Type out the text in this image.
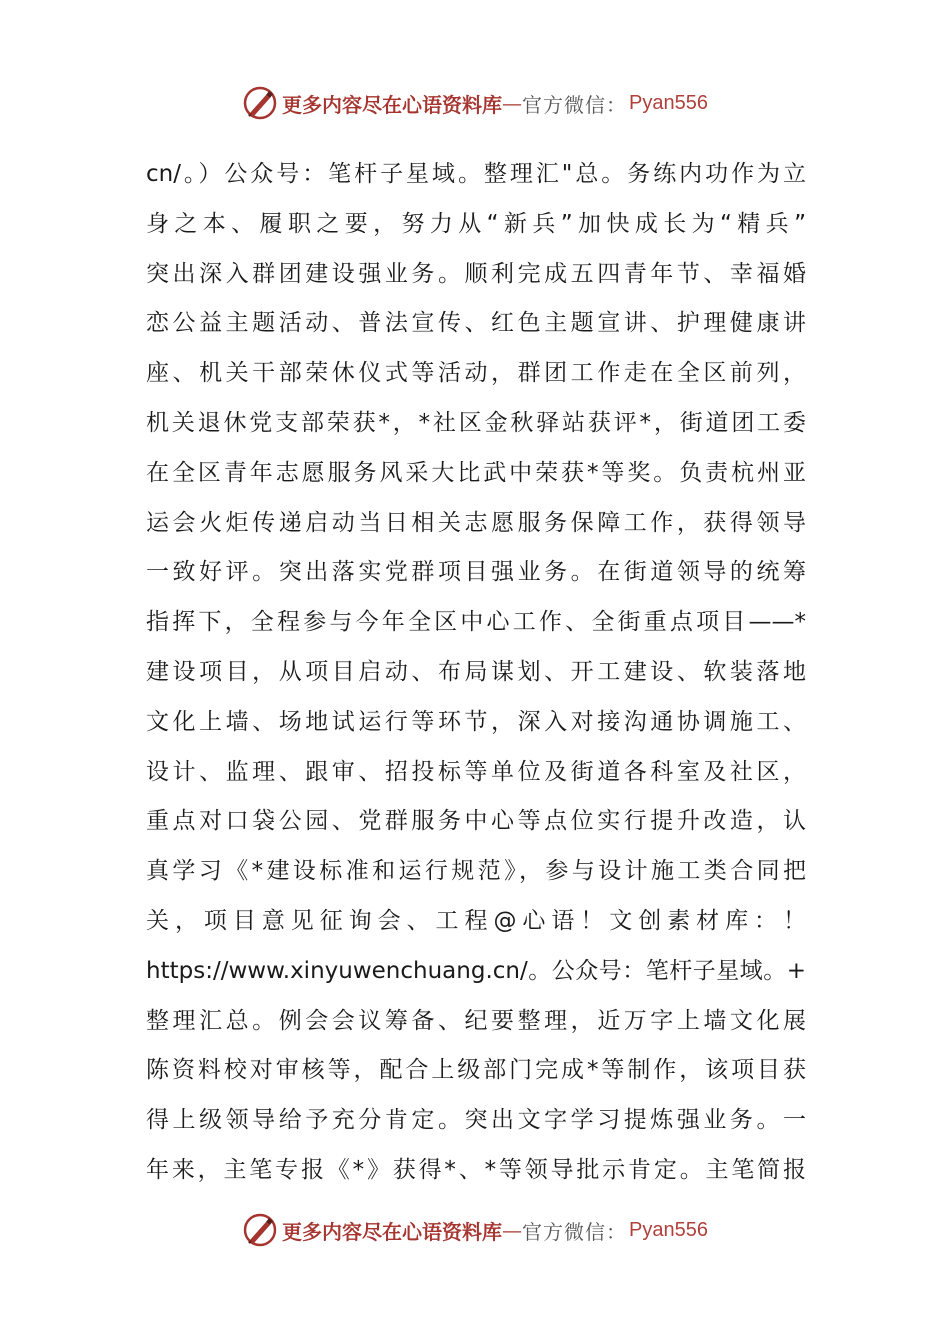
更多内容尽在心语资料库 — 官方微信： Pyan556
cn/。）公众号：笔杆子星域。整理汇"总。务练内功作为立
身之本、履职之要，努力从“新兵”加快成长为“精兵”
突出深入群团建设强业务。顺利完成五四青年节、幸福婚
恋公益主题活动、普法宣传、红色主题宣讲、护理健康讲
座、机关干部荣休仪式等活动，群团工作走在全区前列，
机关退休党支部荣获*，*社区金秋驿站获评*，街道团工委
在全区青年志愿服务风采大比武中荣获*等奖。负责杭州亚
运会火炬传递启动当日相关志愿服务保障工作，获得领导
一致好评。突出落实党群项目强业务。在街道领导的统筹
指挥下，全程参与今年全区中心工作、全街重点项目——*
建设项目，从项目启动、布局谋划、开工建设、软装落地
文化上墙、场地试运行等环节，深入对接沟通协调施工、
设计、监理、跟审、招投标等单位及街道各科室及社区，
重点对口袋公园、党群服务中心等点位实行提升改造，认
真学习《*建设标准和运行规范》，参与设计施工类合同把
关，项目意见征询会、工程@心语！文创素材库：！
https://www.xinyuwenchuang.cn/。公众号：笔杆子星域。+
整理汇总。例会会议筹备、纪要整理，近万字上墙文化展
陈资料校对审核等，配合上级部门完成*等制作，该项目获
得上级领导给予充分肯定。突出文字学习提炼强业务。一
年来，主笔专报《*》获得*、*等领导批示肯定。主笔简报
更多内容尽在心语资料库 — 官方微信： Pyan556
